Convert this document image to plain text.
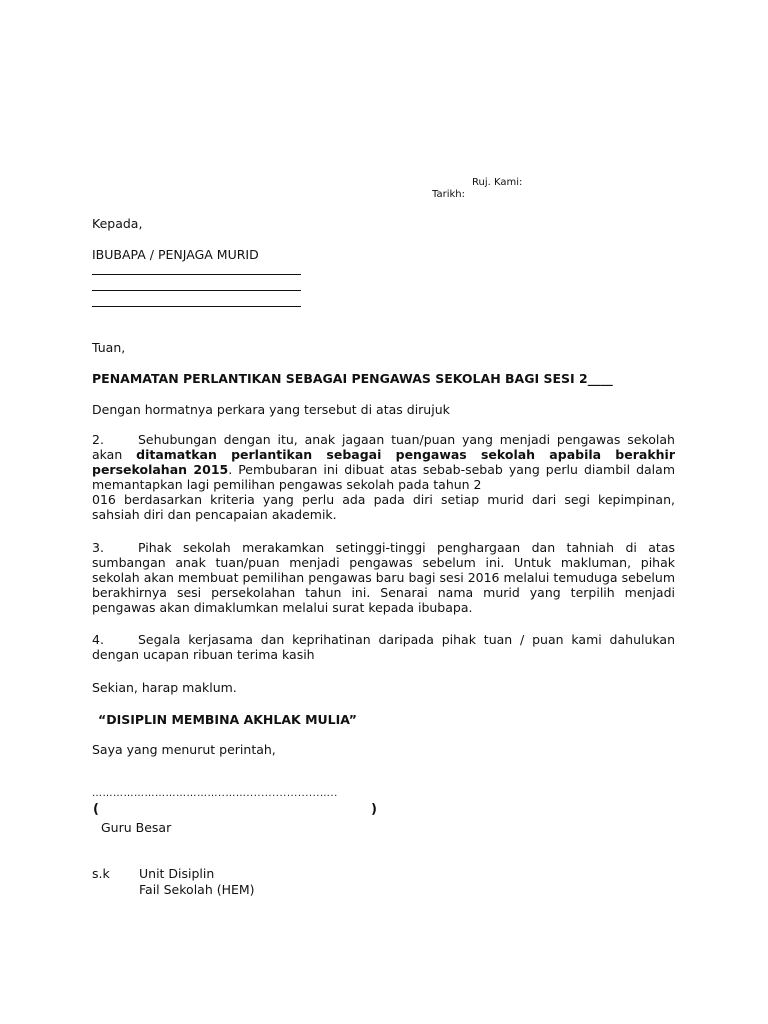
Ruj. Kami:
Tarikh:
Kepada,
IBUBAPA / PENJAGA MURID
Tuan,
PENAMATAN PERLANTIKAN SEBAGAI PENGAWAS SEKOLAH BAGI SESI 2____
Dengan hormatnya perkara yang tersebut di atas dirujuk
2.	Sehubungan dengan itu, anak jagaan tuan/puan yang menjadi pengawas sekolah akan ditamatkan perlantikan sebagai pengawas sekolah apabila berakhir persekolahan 2015. Pembubaran ini dibuat atas sebab-sebab yang perlu diambil dalam memantapkan lagi pemilihan pengawas sekolah pada tahun 2
016 berdasarkan kriteria yang perlu ada pada diri setiap murid dari segi kepimpinan, sahsiah diri dan pencapaian akademik.
3.	Pihak sekolah merakamkan setinggi-tinggi penghargaan dan tahniah di atas sumbangan anak tuan/puan menjadi pengawas sebelum ini. Untuk makluman, pihak sekolah akan membuat pemilihan pengawas baru bagi sesi 2016 melalui temuduga sebelum berakhirnya sesi persekolahan tahun ini. Senarai nama murid yang terpilih menjadi pengawas akan dimaklumkan melalui surat kepada ibubapa.
4.	Segala kerjasama dan keprihatinan daripada pihak tuan / puan kami dahulukan dengan ucapan ribuan terima kasih
Sekian, harap maklum.
“DISIPLIN MEMBINA AKHLAK MULIA”
Saya yang menurut perintah,
………………………………..……....................…..
(	)
Guru Besar
s.k Unit Disiplin
Fail Sekolah (HEM)
